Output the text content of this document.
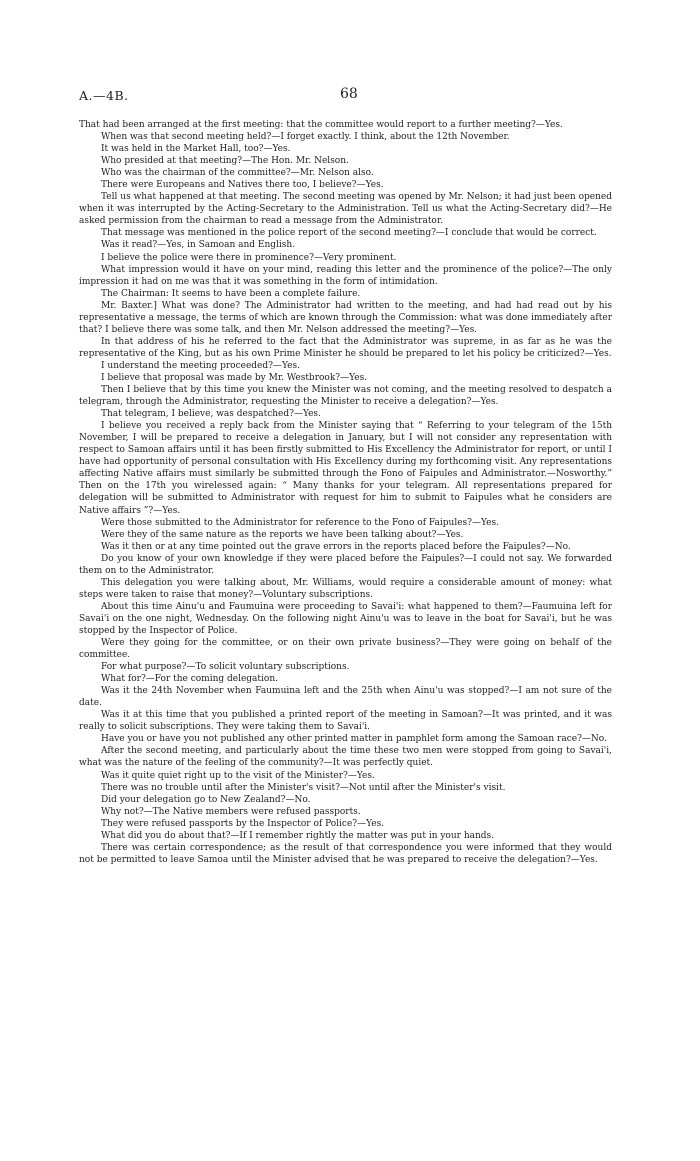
A.—4B.	68

That had been arranged at the first meeting: that the committee would report to a further meeting?—Yes.

When was that second meeting held?—I forget exactly. I think, about the 12th November.

It was held in the Market Hall, too?—Yes.

Who presided at that meeting?—The Hon. Mr. Nelson.

Who was the chairman of the committee?—Mr. Nelson also.

There were Europeans and Natives there too, I believe?—Yes.

Tell us what happened at that meeting. The second meeting was opened by Mr. Nelson; it had just been opened when it was interrupted by the Acting-Secretary to the Administration. Tell us what the Acting-Secretary did?—He asked permission from the chairman to read a message from the Administrator.

That message was mentioned in the police report of the second meeting?—I conclude that would be correct.

Was it read?—Yes, in Samoan and English.

I believe the police were there in prominence?—Very prominent.

What impression would it have on your mind, reading this letter and the prominence of the police?—The only impression it had on me was that it was something in the form of intimidation.

The Chairman: It seems to have been a complete failure.

Mr. Baxter.] What was done? The Administrator had written to the meeting, and had had read out by his representative a message, the terms of which are known through the Commission: what was done immediately after that? I believe there was some talk, and then Mr. Nelson addressed the meeting?—Yes.

In that address of his he referred to the fact that the Administrator was supreme, in as far as he was the representative of the King, but as his own Prime Minister he should be prepared to let his policy be criticized?—Yes.

I understand the meeting proceeded?—Yes.

I believe that proposal was made by Mr. Westbrook?—Yes.

Then I believe that by this time you knew the Minister was not coming, and the meeting resolved to despatch a telegram, through the Administrator, requesting the Minister to receive a delegation?—Yes.

That telegram, I believe, was despatched?—Yes.

I believe you received a reply back from the Minister saying that “ Referring to your telegram of the 15th November, I will be prepared to receive a delegation in January, but I will not consider any representation with respect to Samoan affairs until it has been firstly submitted to His Excellency the Administrator for report, or until I have had opportunity of personal consultation with His Excellency during my forthcoming visit. Any representations affecting Native affairs must similarly be submitted through the Fono of Faipules and Administrator.—Nosworthy.” Then on the 17th you wirelessed again: “ Many thanks for your telegram. All representations prepared for delegation will be submitted to Administrator with request for him to submit to Faipules what he considers are Native affairs ”?—Yes.

Were those submitted to the Administrator for reference to the Fono of Faipules?—Yes.

Were they of the same nature as the reports we have been talking about?—Yes.

Was it then or at any time pointed out the grave errors in the reports placed before the Faipules?—No.

Do you know of your own knowledge if they were placed before the Faipules?—I could not say. We forwarded them on to the Administrator.

This delegation you were talking about, Mr. Williams, would require a considerable amount of money: what steps were taken to raise that money?—Voluntary subscriptions.

About this time Ainu'u and Faumuina were proceeding to Savai'i: what happened to them?—Faumuina left for Savai'i on the one night, Wednesday. On the following night Ainu'u was to leave in the boat for Savai'i, but he was stopped by the Inspector of Police.

Were they going for the committee, or on their own private business?—They were going on behalf of the committee.

For what purpose?—To solicit voluntary subscriptions.

What for?—For the coming delegation.

Was it the 24th November when Faumuina left and the 25th when Ainu'u was stopped?—I am not sure of the date.

Was it at this time that you published a printed report of the meeting in Samoan?—It was printed, and it was really to solicit subscriptions. They were taking them to Savai'i.

Have you or have you not published any other printed matter in pamphlet form among the Samoan race?—No.

After the second meeting, and particularly about the time these two men were stopped from going to Savai'i, what was the nature of the feeling of the community?—It was perfectly quiet.

Was it quite quiet right up to the visit of the Minister?—Yes.

There was no trouble until after the Minister's visit?—Not until after the Minister's visit.

Did your delegation go to New Zealand?—No.

Why not?—The Native members were refused passports.

They were refused passports by the Inspector of Police?—Yes.

What did you do about that?—If I remember rightly the matter was put in your hands.

There was certain correspondence; as the result of that correspondence you were informed that they would not be permitted to leave Samoa until the Minister advised that he was prepared to receive the delegation?—Yes.
